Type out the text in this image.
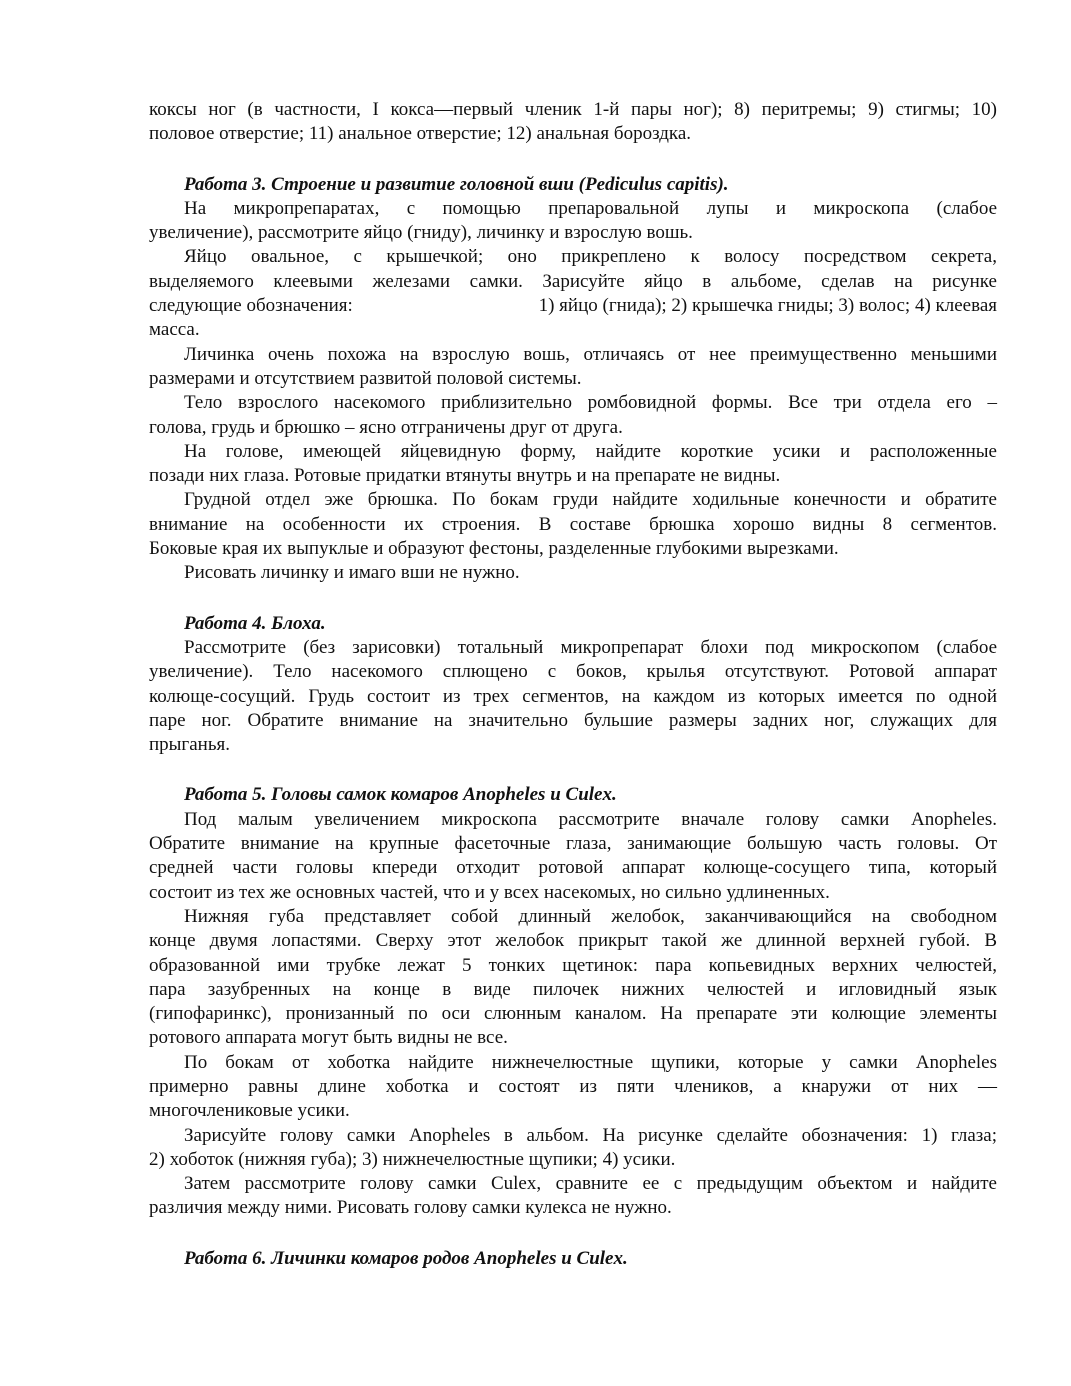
коксы ног (в частности, I кокса—первый членик 1-й пары ног); 8) перитремы; 9) стигмы; 10)
половое отверстие; 11) анальное отверстие; 12) анальная бороздка.
Работа 3. Строение и развитие головной вши (Pediculus capitis).
На микропрепаратах, с помощью препаровальной лупы и микроскопа (слабое
увеличение), рассмотрите яйцо (гниду), личинку и взрослую вошь.
Яйцо овальное, с крышечкой; оно прикреплено к волосу посредством секрета,
выделяемого клеевыми железами самки. Зарисуйте яйцо в альбоме, сделав на рисунке
следующие обозначения:	1) яйцо (гнида); 2) крышечка гниды; 3) волос; 4) клеевая
масса.
Личинка очень похожа на взрослую вошь, отличаясь от нее преимущественно меньшими
размерами и отсутствием развитой половой системы.
Тело взрослого насекомого приблизительно ромбовидной формы. Все три отдела его –
голова, грудь и брюшко – ясно отграничены друг от друга.
На голове, имеющей яйцевидную форму, найдите короткие усики и расположенные
позади них глаза. Ротовые придатки втянуты внутрь и на препарате не видны.
Грудной отдел эже брюшка. По бокам груди найдите ходильные конечности и обратите
внимание на особенности их строения. В составе брюшка хорошо видны 8 сегментов.
Боковые края их выпуклые и образуют фестоны, разделенные глубокими вырезками.
Рисовать личинку и имаго вши не нужно.
Работа 4. Блоха.
Рассмотрите (без зарисовки) тотальный микропрепарат блохи под микроскопом (слабое
увеличение). Тело насекомого сплющено с боков, крылья отсутствуют. Ротовой аппарат
колюще-сосущий. Грудь состоит из трех сегментов, на каждом из которых имеется по одной
паре ног. Обратите внимание на значительно бульшие размеры задних ног, служащих для
прыганья.
Работа 5. Головы самок комаров Anopheles и Culex.
Под малым увеличением микроскопа рассмотрите вначале голову самки Anopheles.
Обратите внимание на крупные фасеточные глаза, занимающие большую часть головы. От
средней части головы кпереди отходит ротовой аппарат колюще-сосущего типа, который
состоит из тех же основных частей, что и у всех насекомых, но сильно удлиненных.
Нижняя губа представляет собой длинный желобок, заканчивающийся на свободном
конце двумя лопастями. Сверху этот желобок прикрыт такой же длинной верхней губой. В
образованной ими трубке лежат 5 тонких щетинок: пара копьевидных верхних челюстей,
пара зазубренных на конце в виде пилочек нижних челюстей и игловидный язык
(гипофаринкс), пронизанный по оси слюнным каналом. На препарате эти колющие элементы
ротового аппарата могут быть видны не все.
По бокам от хоботка найдите нижнечелюстные щупики, которые у самки Anopheles
примерно равны длине хоботка и состоят из пяти члеников, а кнаружи от них —
многочлениковые усики.
Зарисуйте голову самки Anopheles в альбом. На рисунке сделайте обозначения: 1) глаза;
2) хоботок (нижняя губа); 3) нижнечелюстные щупики; 4) усики.
Затем рассмотрите голову самки Culex, сравните ее с предыдущим объектом и найдите
различия между ними. Рисовать голову самки кулекса не нужно.
Работа 6. Личинки комаров родов Anopheles и Culex.
